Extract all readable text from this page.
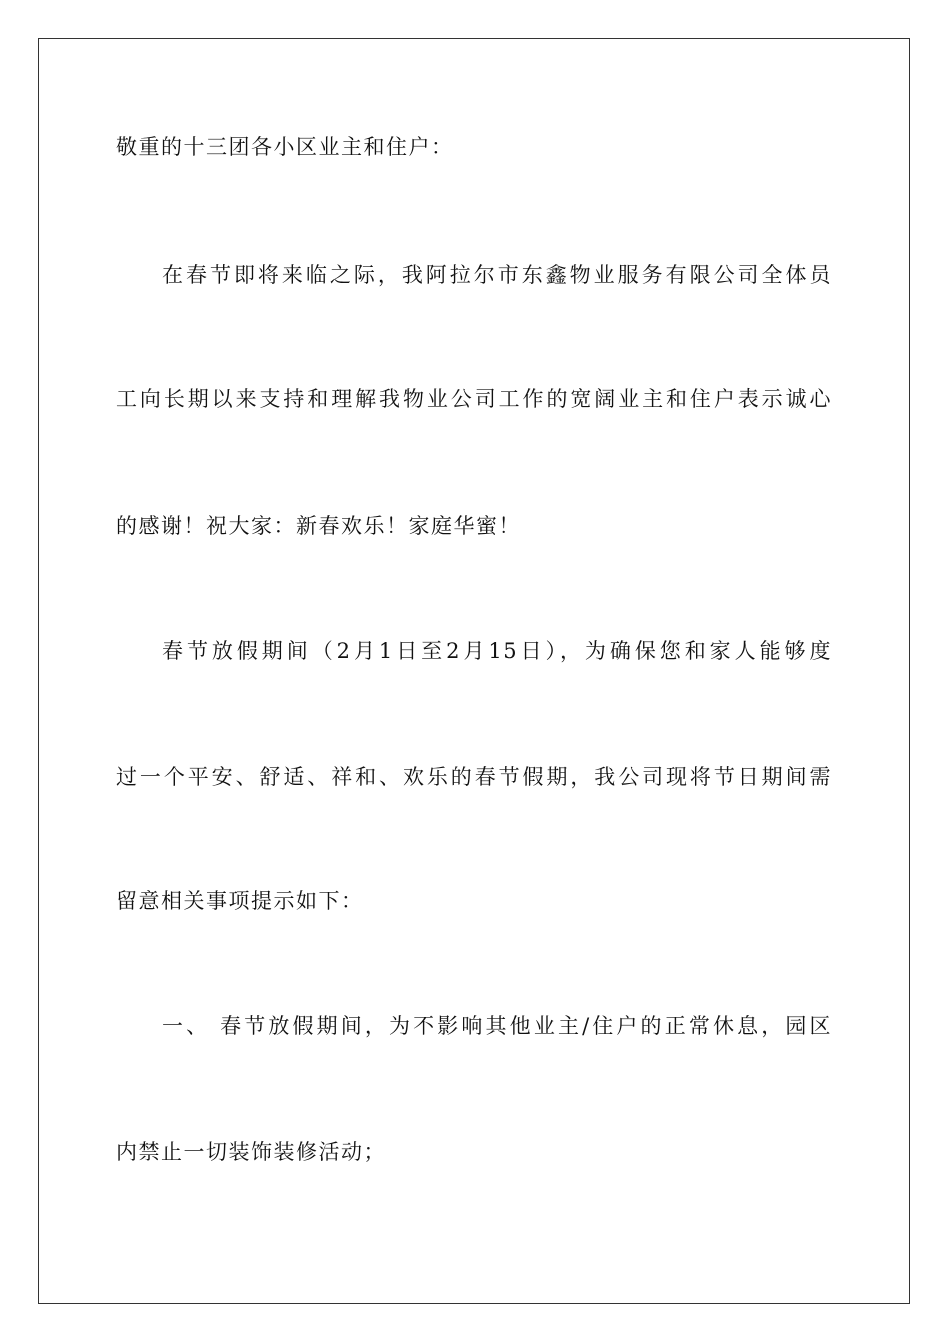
敬重的十三团各小区业主和住户：
在春节即将来临之际，我阿拉尔市东鑫物业服务有限公司全体员
工向长期以来支持和理解我物业公司工作的宽阔业主和住户表示诚心
的感谢！祝大家：新春欢乐！家庭华蜜！
春节放假期间（2月1日至2月15日），为确保您和家人能够度
过一个平安、舒适、祥和、欢乐的春节假期，我公司现将节日期间需
留意相关事项提示如下：
一、 春节放假期间，为不影响其他业主/住户的正常休息，园区
内禁止一切装饰装修活动；
